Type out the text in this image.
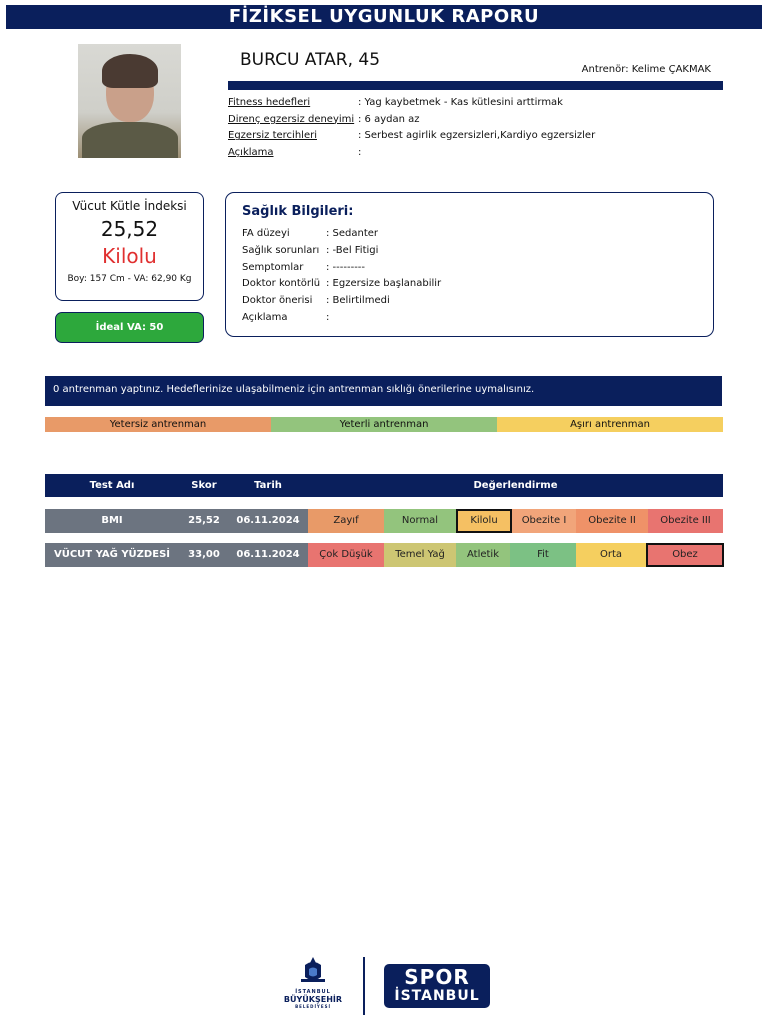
FİZİKSEL UYGUNLUK RAPORU
BURCU ATAR, 45	Antrenör: Kelime ÇAKMAK
Fitness hedefleri	: Yag kaybetmek - Kas kütlesini arttirmak
Direnç egzersiz deneyimi : 6 aydan az
Egzersiz tercihleri	: Serbest agirlik egzersizleri,Kardiyo egzersizler
Açıklama	:
Vücut Kütle İndeksi
25,52
Kilolu
Boy: 157 Cm - VA: 62,90 Kg
İdeal VA: 50
Sağlık Bilgileri:
FA düzeyi	: Sedanter
Sağlık sorunları : -Bel Fitigi
Semptomlar	: ---------
Doktor kontörlü : Egzersize başlanabilir
Doktor önerisi	: Belirtilmedi
Açıklama	:
0 antrenman yaptınız. Hedeflerinize ulaşabilmeniz için antrenman sıklığı önerilerine uymalısınız.
Yetersiz antrenman	Yeterli antrenman	Aşırı antrenman
Test Adı	Skor	Tarih	Değerlendirme
BMI	25,52	06.11.2024	Zayıf	Normal	Kilolu	Obezite I	Obezite II	Obezite III
VÜCUT YAĞ YÜZDESİ	33,00	06.11.2024	Çok Düşük	Temel Yağ	Atletik	Fit	Orta	Obez
İSTANBUL
BÜYÜKŞEHİR
BELEDİYESİ
SPOR
İSTANBUL
